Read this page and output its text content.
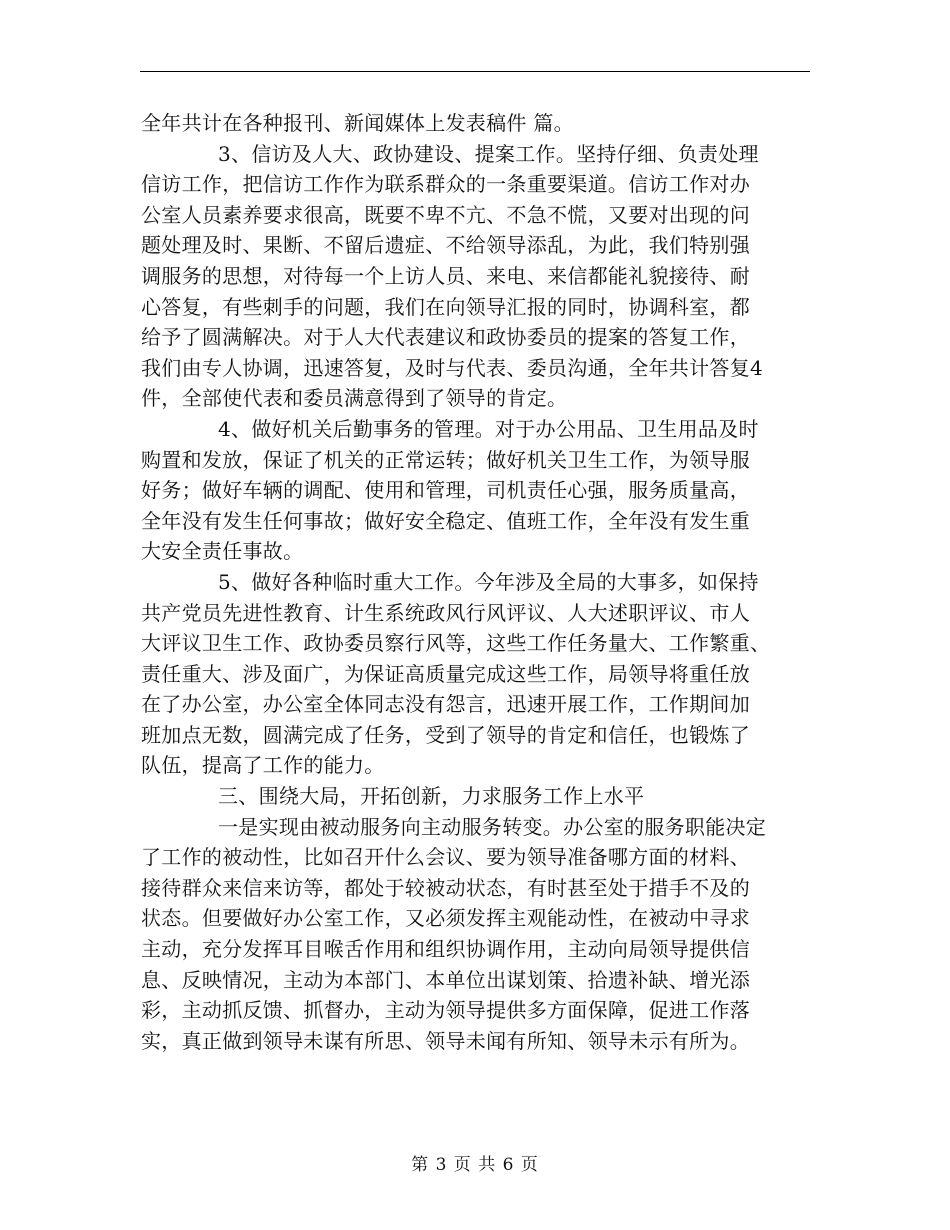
全年共计在各种报刊、新闻媒体上发表稿件 篇。
3、信访及人大、政协建设、提案工作。坚持仔细、负责处理
信访工作，把信访工作作为联系群众的一条重要渠道。信访工作对办
公室人员素养要求很高，既要不卑不亢、不急不慌，又要对出现的问
题处理及时、果断、不留后遗症、不给领导添乱，为此，我们特别强
调服务的思想，对待每一个上访人员、来电、来信都能礼貌接待、耐
心答复，有些刺手的问题，我们在向领导汇报的同时，协调科室，都
给予了圆满解决。对于人大代表建议和政协委员的提案的答复工作，
我们由专人协调，迅速答复，及时与代表、委员沟通，全年共计答复4
件，全部使代表和委员满意得到了领导的肯定。
4、做好机关后勤事务的管理。对于办公用品、卫生用品及时
购置和发放，保证了机关的正常运转；做好机关卫生工作，为领导服
好务；做好车辆的调配、使用和管理，司机责任心强，服务质量高，
全年没有发生任何事故；做好安全稳定、值班工作，全年没有发生重
大安全责任事故。
5、做好各种临时重大工作。今年涉及全局的大事多，如保持
共产党员先进性教育、计生系统政风行风评议、人大述职评议、市人
大评议卫生工作、政协委员察行风等，这些工作任务量大、工作繁重、
责任重大、涉及面广，为保证高质量完成这些工作，局领导将重任放
在了办公室，办公室全体同志没有怨言，迅速开展工作，工作期间加
班加点无数，圆满完成了任务，受到了领导的肯定和信任，也锻炼了
队伍，提高了工作的能力。
三、围绕大局，开拓创新，力求服务工作上水平
一是实现由被动服务向主动服务转变。办公室的服务职能决定
了工作的被动性，比如召开什么会议、要为领导准备哪方面的材料、
接待群众来信来访等，都处于较被动状态，有时甚至处于措手不及的
状态。但要做好办公室工作，又必须发挥主观能动性，在被动中寻求
主动，充分发挥耳目喉舌作用和组织协调作用，主动向局领导提供信
息、反映情况，主动为本部门、本单位出谋划策、拾遗补缺、增光添
彩，主动抓反馈、抓督办，主动为领导提供多方面保障，促进工作落
实，真正做到领导未谋有所思、领导未闻有所知、领导未示有所为。
第 3 页 共 6 页
